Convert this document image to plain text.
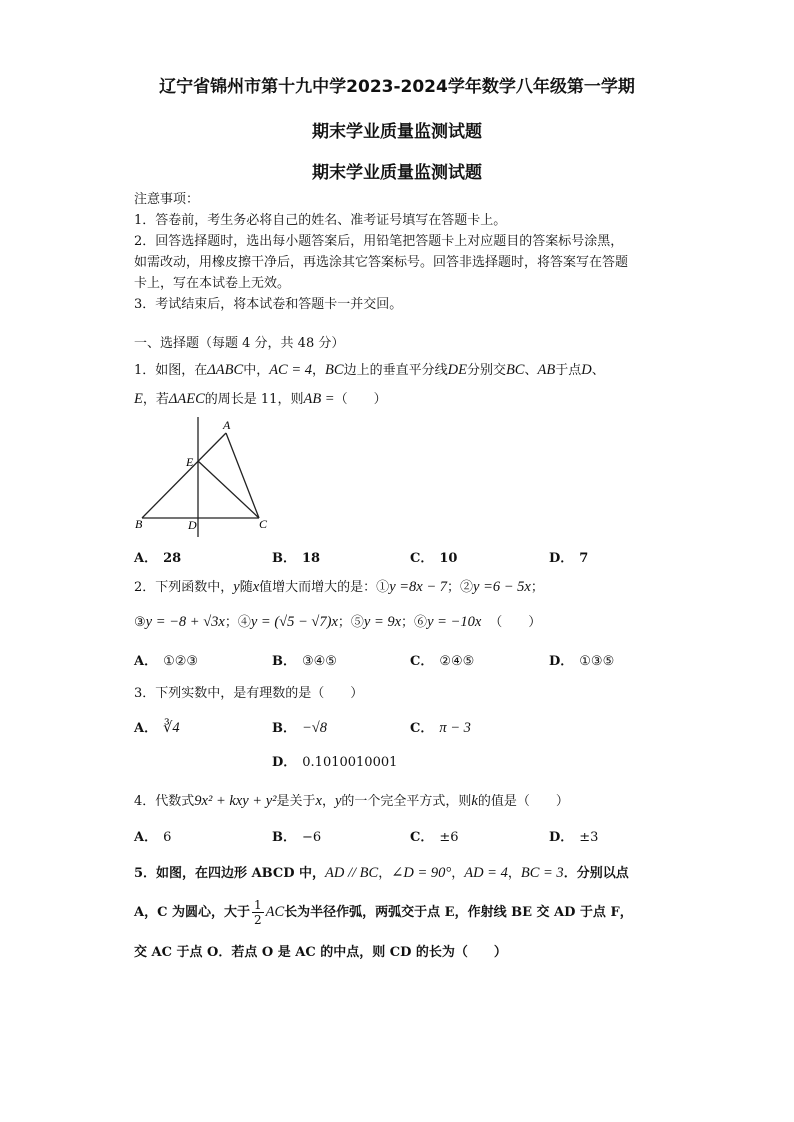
辽宁省锦州市第十九中学2023-2024学年数学八年级第一学期
期末学业质量监测试题
期末学业质量监测试题
注意事项：
1．答卷前，考生务必将自己的姓名、准考证号填写在答题卡上。
2．回答选择题时，选出每小题答案后，用铅笔把答题卡上对应题目的答案标号涂黑，
如需改动，用橡皮擦干净后，再选涂其它答案标号。回答非选择题时，将答案写在答题
卡上，写在本试卷上无效。
3．考试结束后，将本试卷和答题卡一并交回。
一、选择题（每题 4 分，共 48 分）
1．如图，在ΔABC中，AC = 4，BC边上的垂直平分线DE分别交BC、AB于点D、
E，若ΔAEC的周长是 11，则AB =（　　）
A
E
B	D	C
A． 28	B． 18	C． 10	D． 7
2．下列函数中，y随x值增大而增大的是：①y =8x − 7；②y =6 − 5x；
③y = −8 + √3x；④y = (√5 − √7)x；⑤y = 9x；⑥y = −10x （　　）
A． ①②③	B． ③④⑤	C． ②④⑤	D． ①③⑤
3．下列实数中，是有理数的是（　　）
A． ∛4	B． −√8	C． π − 3
D． 0.1010010001
4．代数式9x² + kxy + y²是关于x，y的一个完全平方式，则k的值是（　　）
A． 6	B． −6	C． ±6	D． ±3
5．如图，在四边形 ABCD 中，AD // BC，∠D = 90°，AD = 4，BC = 3．分别以点
A，C 为圆心，大于 $\frac{1}{2}$ AC长为半径作弧，两弧交于点 E，作射线 BE 交 AD 于点 F，
交 AC 于点 O．若点 O 是 AC 的中点，则 CD 的长为（　　）
